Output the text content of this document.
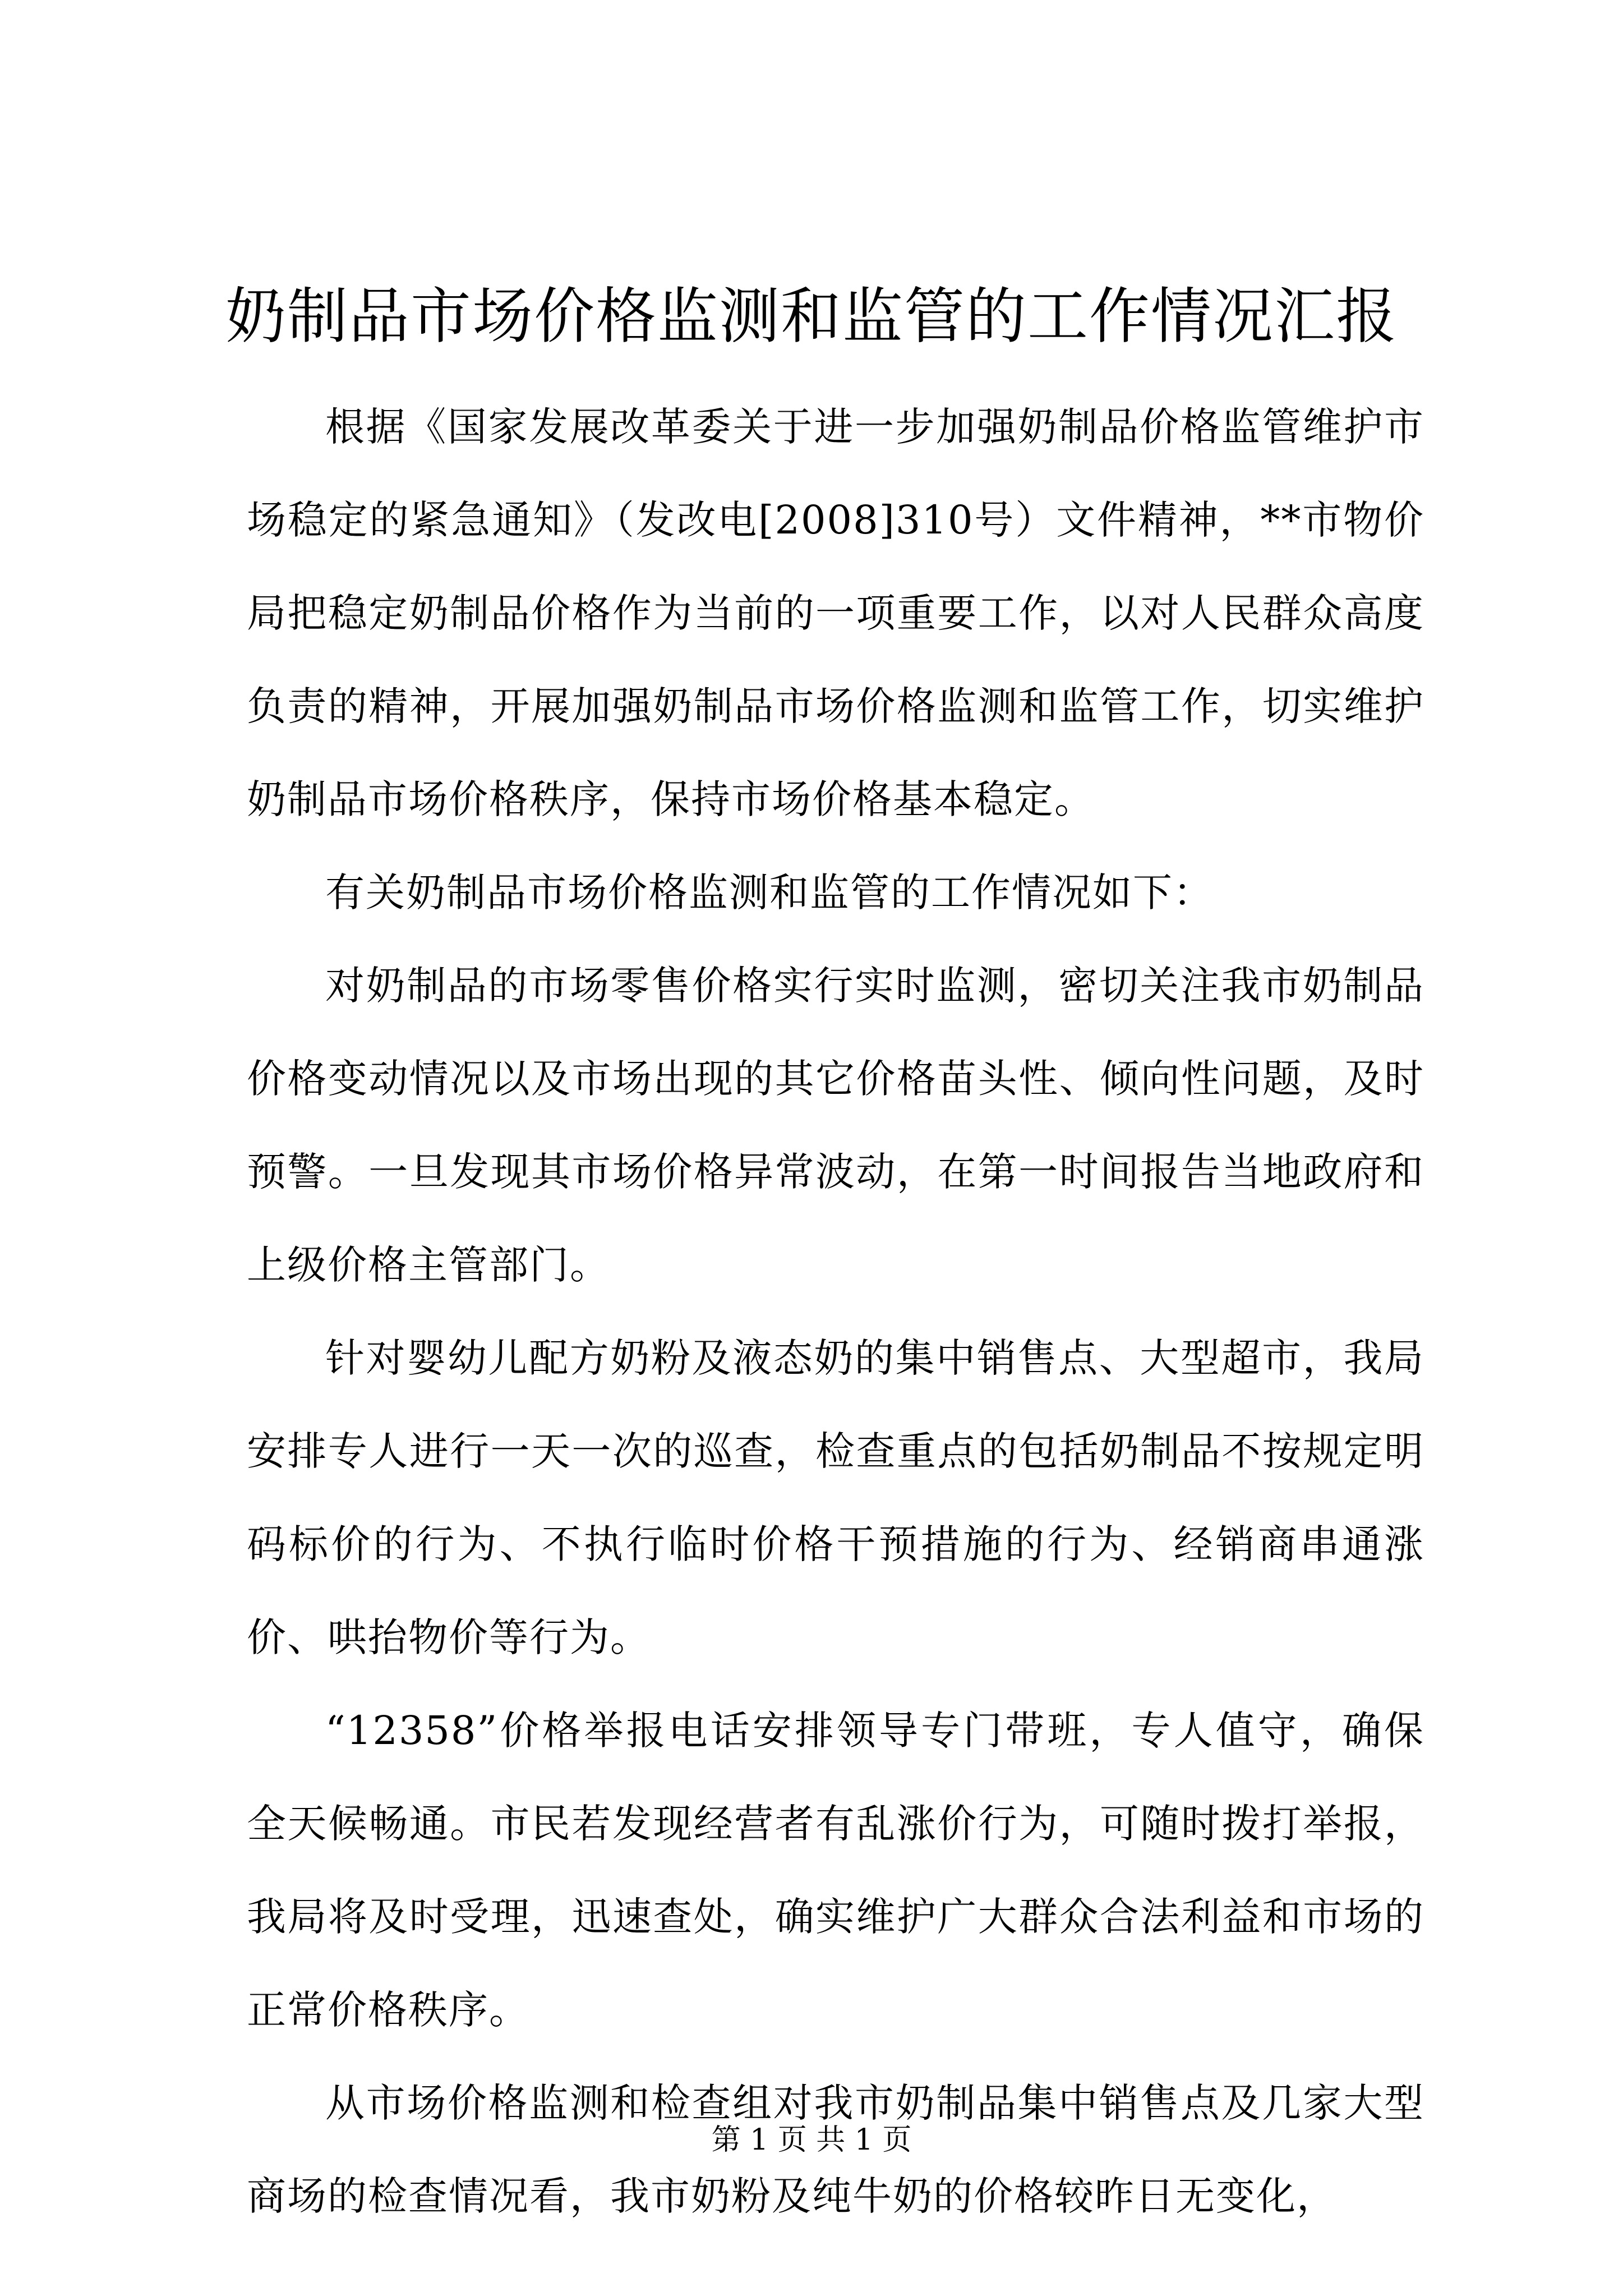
奶制品市场价格监测和监管的工作情况汇报

根据《国家发展改革委关于进一步加强奶制品价格监管维护市场稳定的紧急通知》（发改电[2008]310号）文件精神，**市物价局把稳定奶制品价格作为当前的一项重要工作，以对人民群众高度负责的精神，开展加强奶制品市场价格监测和监管工作，切实维护奶制品市场价格秩序，保持市场价格基本稳定。

有关奶制品市场价格监测和监管的工作情况如下：

对奶制品的市场零售价格实行实时监测，密切关注我市奶制品价格变动情况以及市场出现的其它价格苗头性、倾向性问题，及时预警。一旦发现其市场价格异常波动，在第一时间报告当地政府和上级价格主管部门。

针对婴幼儿配方奶粉及液态奶的集中销售点、大型超市，我局安排专人进行一天一次的巡查，检查重点的包括奶制品不按规定明码标价的行为、不执行临时价格干预措施的行为、经销商串通涨价、哄抬物价等行为。

“12358”价格举报电话安排领导专门带班，专人值守，确保全天候畅通。市民若发现经营者有乱涨价行为，可随时拨打举报，我局将及时受理，迅速查处，确实维护广大群众合法利益和市场的正常价格秩序。

从市场价格监测和检查组对我市奶制品集中销售点及几家大型商场的检查情况看，我市奶粉及纯牛奶的价格较昨日无变化，

第 1 页 共 1 页
